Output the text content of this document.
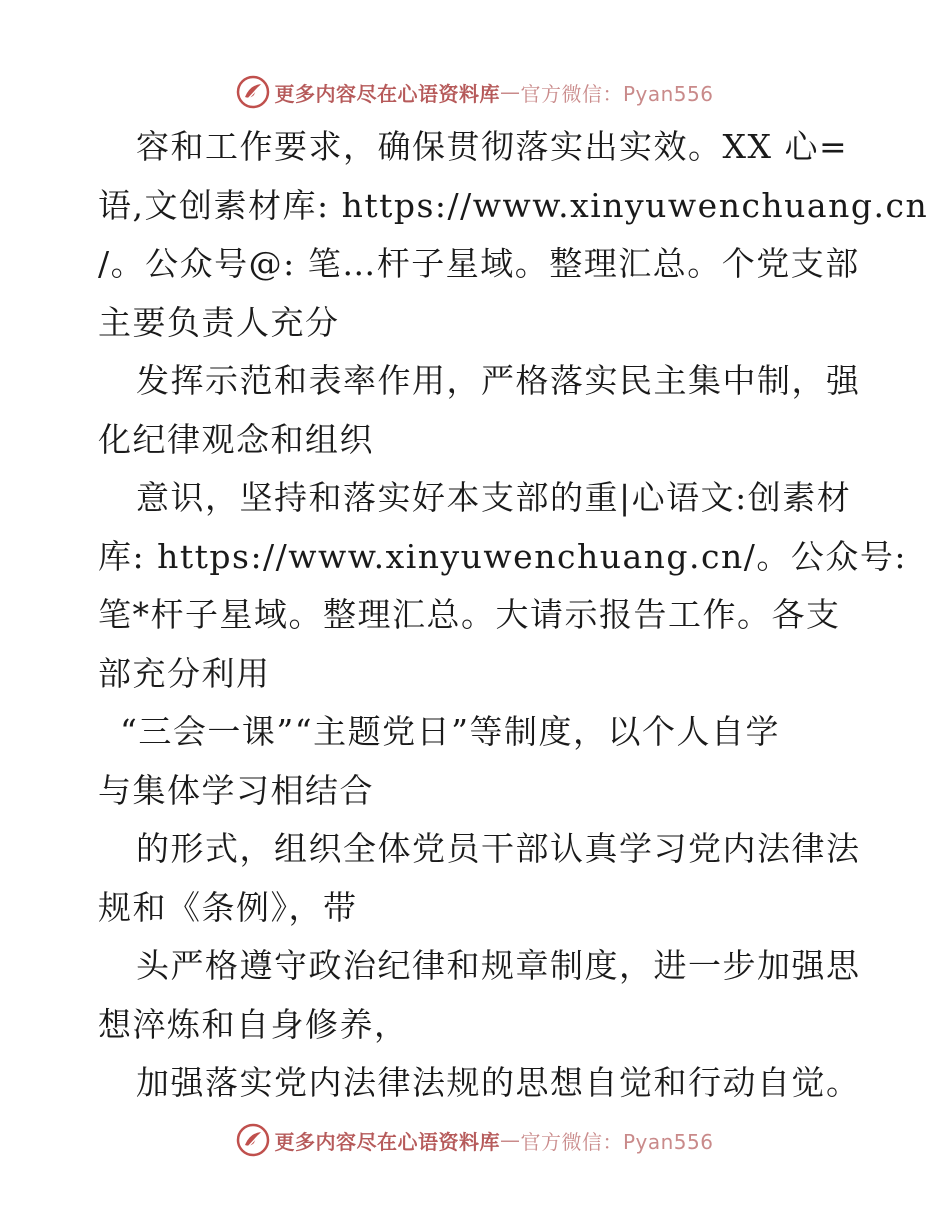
更多内容尽在心语资料库 — 官方微信：Pyan556
容和工作要求，确保贯彻落实出实效。XX 心=
语,文创素材库: https://www.xinyuwenchuang.cn
/。公众号@: 笔…杆子星域。整理汇总。个党支部
主要负责人充分
发挥示范和表率作用，严格落实民主集中制，强
化纪律观念和组织
意识，坚持和落实好本支部的重|心语文:创素材
库: https://www.xinyuwenchuang.cn/。公众号:
笔*杆子星域。整理汇总。大请示报告工作。各支
部充分利用
“三会一课”“主题党日”等制度，以个人自学
与集体学习相结合
的形式，组织全体党员干部认真学习党内法律法
规和《条例》，带
头严格遵守政治纪律和规章制度，进一步加强思
想淬炼和自身修养，
加强落实党内法律法规的思想自觉和行动自觉。
更多内容尽在心语资料库 — 官方微信：Pyan556
